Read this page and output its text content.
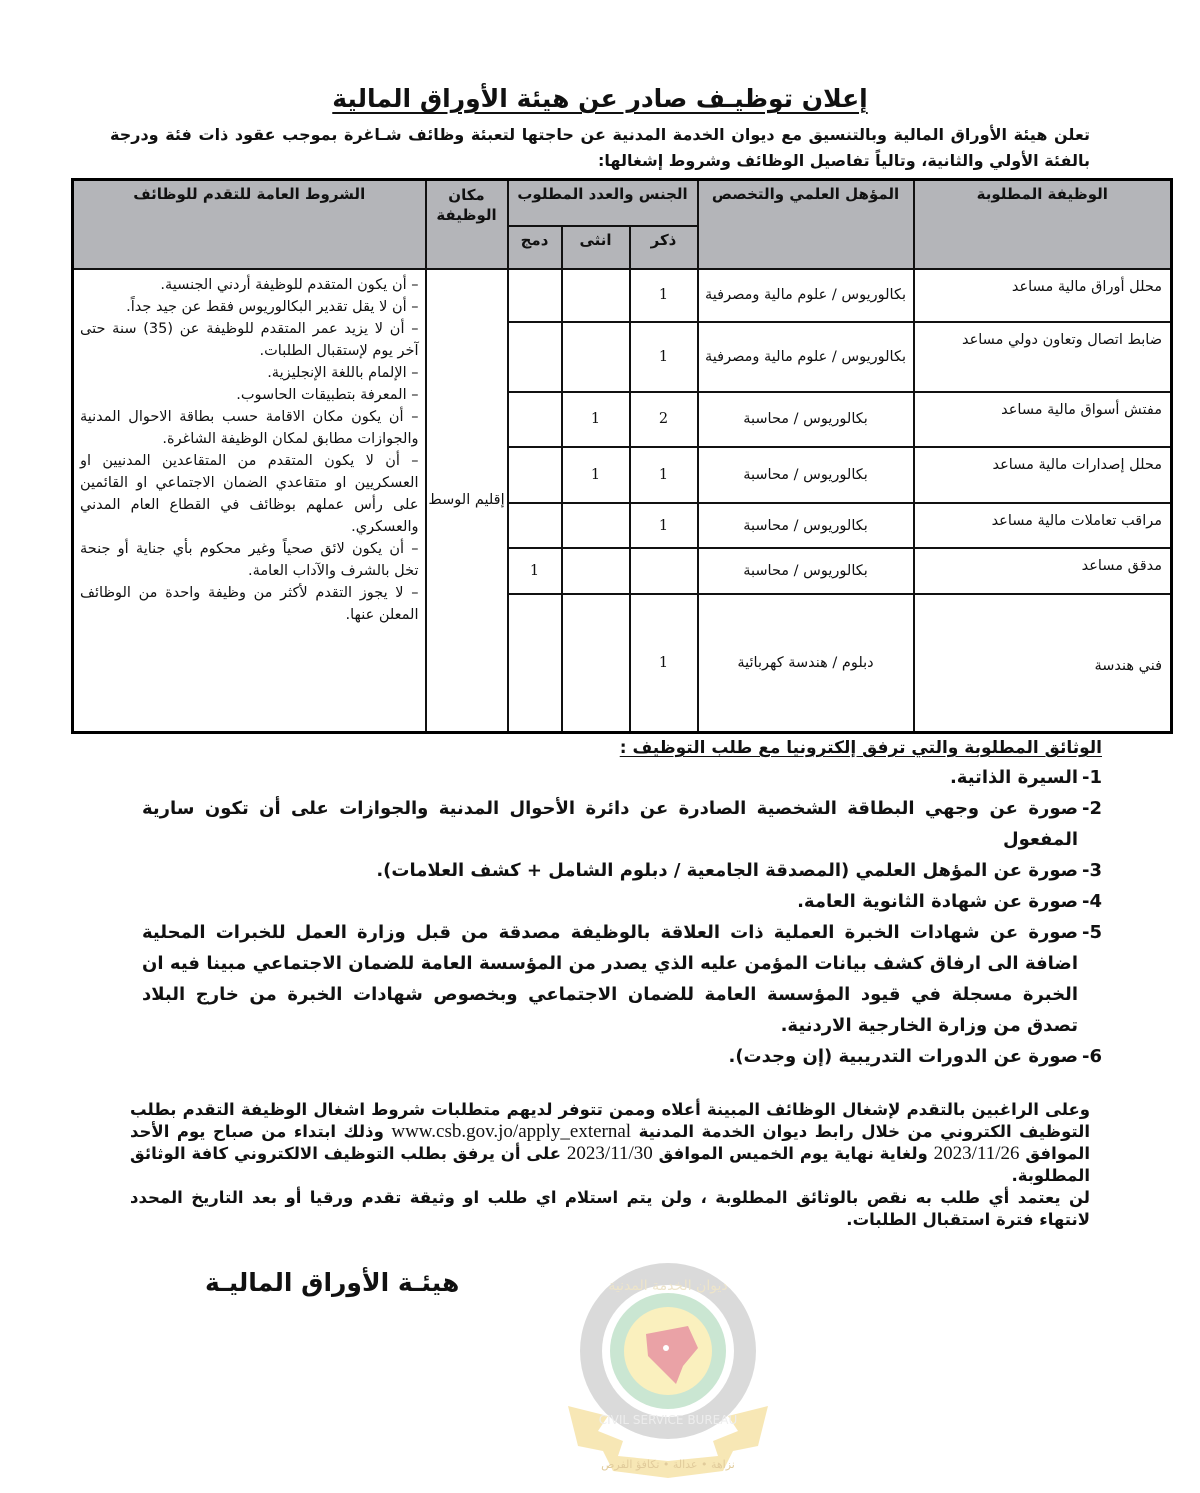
إعلان توظيـف صادر عن هيئة الأوراق المالية

تعلن هيئة الأوراق المالية وبالتنسيق مع ديوان الخدمة المدنية عن حاجتها لتعبئة وظائف شـاغرة بموجب عقود ذات فئة ودرجة بالفئة الأولي والثانية، وتالياً تفاصيل الوظائف وشروط إشغالها:

الوظيفة المطلوبة	المؤهل العلمي والتخصص	الجنس والعدد المطلوب			مكان الوظيفة	الشروط العامة للتقدم للوظائف
		ذكر	انثى	دمج		
محلل أوراق مالية مساعد	بكالوريوس / علوم مالية ومصرفية	1			إقليم الوسط	
– أن يكون المتقدم للوظيفة أردني الجنسية.
– أن لا يقل تقدير البكالوريوس فقط عن جيد جداً.
– أن لا يزيد عمر المتقدم للوظيفة عن (35) سنة حتى آخر يوم لإستقبال الطلبات.
– الإلمام باللغة الإنجليزية.
– المعرفة بتطبيقات الحاسوب.
– أن يكون مكان الاقامة حسب بطاقة الاحوال المدنية والجوازات مطابق لمكان الوظيفة الشاغرة.
– أن لا يكون المتقدم من المتقاعدين المدنيين او العسكريين او متقاعدي الضمان الاجتماعي او القائمين على رأس عملهم بوظائف في القطاع العام المدني والعسكري.
– أن يكون لائق صحياً وغير محكوم بأي جناية أو جنحة تخل بالشرف والآداب العامة.
– لا يجوز التقدم لأكثر من وظيفة واحدة من الوظائف المعلن عنها.

ضابط اتصال وتعاون دولي مساعد	بكالوريوس / علوم مالية ومصرفية	1				
مفتش أسواق مالية مساعد	بكالوريوس / محاسبة	2	1			
محلل إصدارات مالية مساعد	بكالوريوس / محاسبة	1	1			
مراقب تعاملات مالية مساعد	بكالوريوس / محاسبة	1				
مدقق مساعد	بكالوريوس / محاسبة			1		
فني هندسة	دبلوم / هندسة كهربائية	1				
الوثائق المطلوبة والتي ترفق إلكترونيا مع طلب التوظيف :
1-السيرة الذاتية.
2-صورة عن وجهي البطاقة الشخصية الصادرة عن دائرة الأحوال المدنية والجوازات على أن تكون سارية المفعول
3-صورة عن المؤهل العلمي (المصدقة الجامعية / دبلوم الشامل + كشف العلامات).
4-صورة عن شهادة الثانوية العامة.
5-صورة عن شهادات الخبرة العملية ذات العلاقة بالوظيفة مصدقة من قبل وزارة العمل للخبرات المحلية اضافة الى ارفاق كشف بيانات المؤمن عليه الذي يصدر من المؤسسة العامة للضمان الاجتماعي مبينا فيه ان الخبرة مسجلة في قيود المؤسسة العامة للضمان الاجتماعي وبخصوص شهادات الخبرة من خارج البلاد تصدق من وزارة الخارجية الاردنية.
6-صورة عن الدورات التدريبية (إن وجدت).

وعلى الراغبين بالتقدم لإشغال الوظائف المبينة أعلاه وممن تتوفر لديهم متطلبات شروط اشغال الوظيفة التقدم بطلب التوظيف الكتروني من خلال رابط ديوان الخدمة المدنية www.csb.gov.jo/apply_external وذلك ابتداء من صباح يوم الأحد الموافق 2023/11/26 ولغاية نهاية يوم الخميس الموافق 2023/11/30 على أن يرفق بطلب التوظيف الالكتروني كافة الوثائق المطلوبة.

لن يعتمد أي طلب به نقص بالوثائق المطلوبة ، ولن يتم استلام اي طلب او وثيقة تقدم ورقيا أو بعد التاريخ المحدد لانتهاء فترة استقبال الطلبات.

هيئـة الأوراق الماليـة	ديوان الخدمة المدنية
CIVIL SERVICE BUREAU
نزاهة • عدالة • تكافؤ الفرص
